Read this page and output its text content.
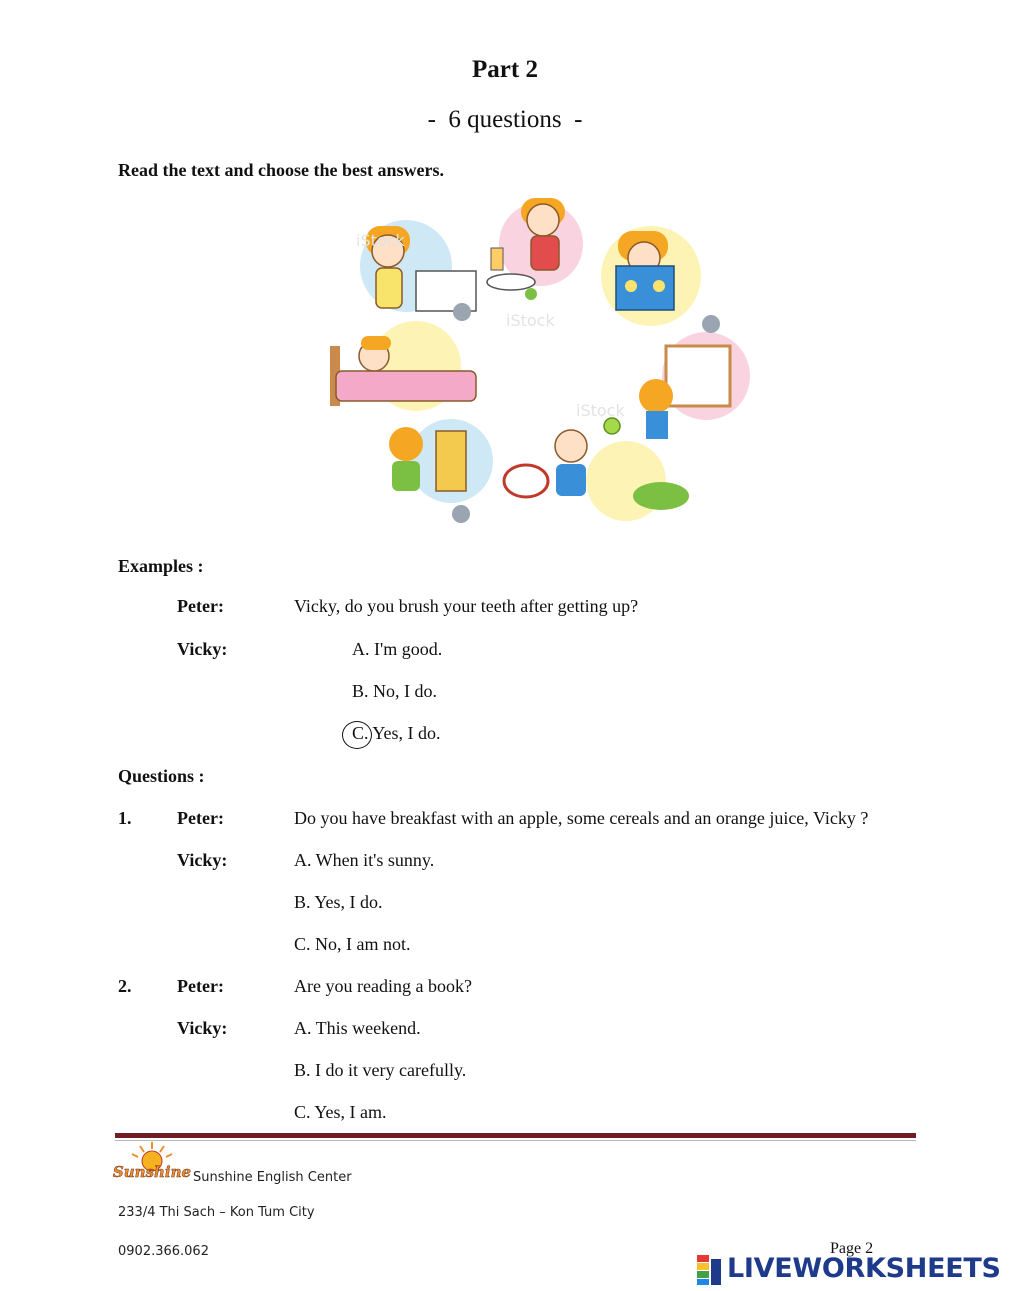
Part 2
-  6 questions  -
Read the text and choose the best answers.
iStock
iStock
iStock
Examples :
Peter:	Vicky, do you brush your teeth after getting up?
Vicky:	A. I'm good.
B. No, I do.
C. Yes, I do.
Questions :
1.	Peter:	Do you have breakfast with an apple, some cereals and an orange juice, Vicky ?
Vicky:	A. When it's sunny.
B. Yes, I do.
C. No, I am not.
2.	Peter:	Are you reading a book?
Vicky:	A. This weekend.
B. I do it very carefully.
C. Yes, I am.
Sunshine Sunshine English Center
233/4 Thi Sach – Kon Tum City
0902.366.062	Page 2
LIVEWORKSHEETS
